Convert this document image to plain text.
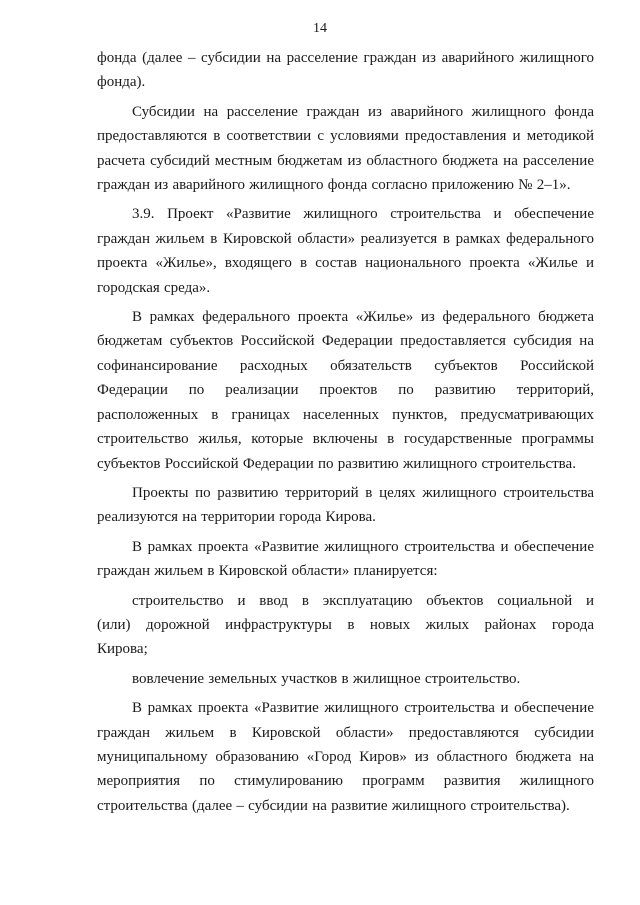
14

фонда (далее – субсидии на расселение граждан из аварийного жилищного фонда).

Субсидии на расселение граждан из аварийного жилищного фонда предоставляются в соответствии с условиями предоставления и методикой расчета субсидий местным бюджетам из областного бюджета на расселение граждан из аварийного жилищного фонда согласно приложению № 2–1».

3.9. Проект «Развитие жилищного строительства и обеспечение граждан жильем в Кировской области» реализуется в рамках федерального проекта «Жилье», входящего в состав национального проекта «Жилье и городская среда».

В рамках федерального проекта «Жилье» из федерального бюджета бюджетам субъектов Российской Федерации предоставляется субсидия на софинансирование расходных обязательств субъектов Российской Федерации по реализации проектов по развитию территорий, расположенных в границах населенных пунктов, предусматривающих строительство жилья, которые включены в государственные программы субъектов Российской Федерации по развитию жилищного строительства.

Проекты по развитию территорий в целях жилищного строительства реализуются на территории города Кирова.

В рамках проекта «Развитие жилищного строительства и обеспечение граждан жильем в Кировской области» планируется:

строительство и ввод в эксплуатацию объектов социальной и (или) дорожной инфраструктуры в новых жилых районах города Кирова;

вовлечение земельных участков в жилищное строительство.

В рамках проекта «Развитие жилищного строительства и обеспечение граждан жильем в Кировской области» предоставляются субсидии муниципальному образованию «Город Киров» из областного бюджета на мероприятия по стимулированию программ развития жилищного строительства (далее – субсидии на развитие жилищного строительства).
